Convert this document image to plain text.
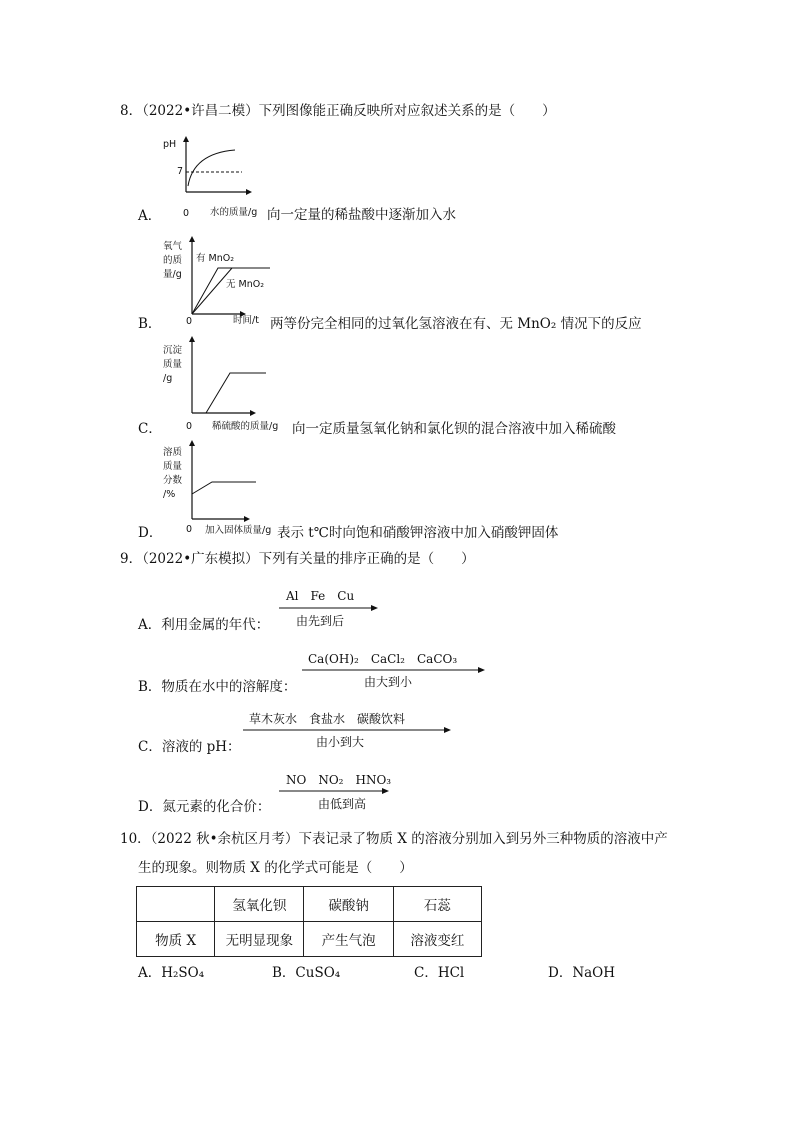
8．（2022•许昌二模）下列图像能正确反映所对应叙述关系的是（　　）
pH
7
A． 0 水的质量/g 向一定量的稀盐酸中逐渐加入水
氧气
的质
量/g
有 MnO₂
无 MnO₂
B．	0	时间/t 两等份完全相同的过氧化氢溶液在有、无 MnO₂ 情况下的反应
沉淀
质量
/g
C．	0 稀硫酸的质量/g 向一定质量氢氧化钠和氯化钡的混合溶液中加入稀硫酸
溶质
质量
分数
/%
D． 0 加入固体质量/g 表示 t℃时向饱和硝酸钾溶液中加入硝酸钾固体
9．（2022•广东模拟）下列有关量的排序正确的是（　　）
A．利用金属的年代：
Al　Fe　Cu
由先到后
B．物质在水中的溶解度：
Ca(OH)₂　CaCl₂　CaCO₃
由大到小
C．溶液的 pH：
草木灰水　食盐水　碳酸饮料
由小到大
D．氮元素的化合价：
NO　NO₂　HNO₃
由低到高
10．（2022 秋•余杭区月考）下表记录了物质 X 的溶液分别加入到另外三种物质的溶液中产
生的现象。则物质 X 的化学式可能是（　　）
	氢氧化钡	碳酸钠	石蕊
物质 X	无明显现象	产生气泡	溶液变红
A．H₂SO₄	B．CuSO₄	C．HCl	D．NaOH
